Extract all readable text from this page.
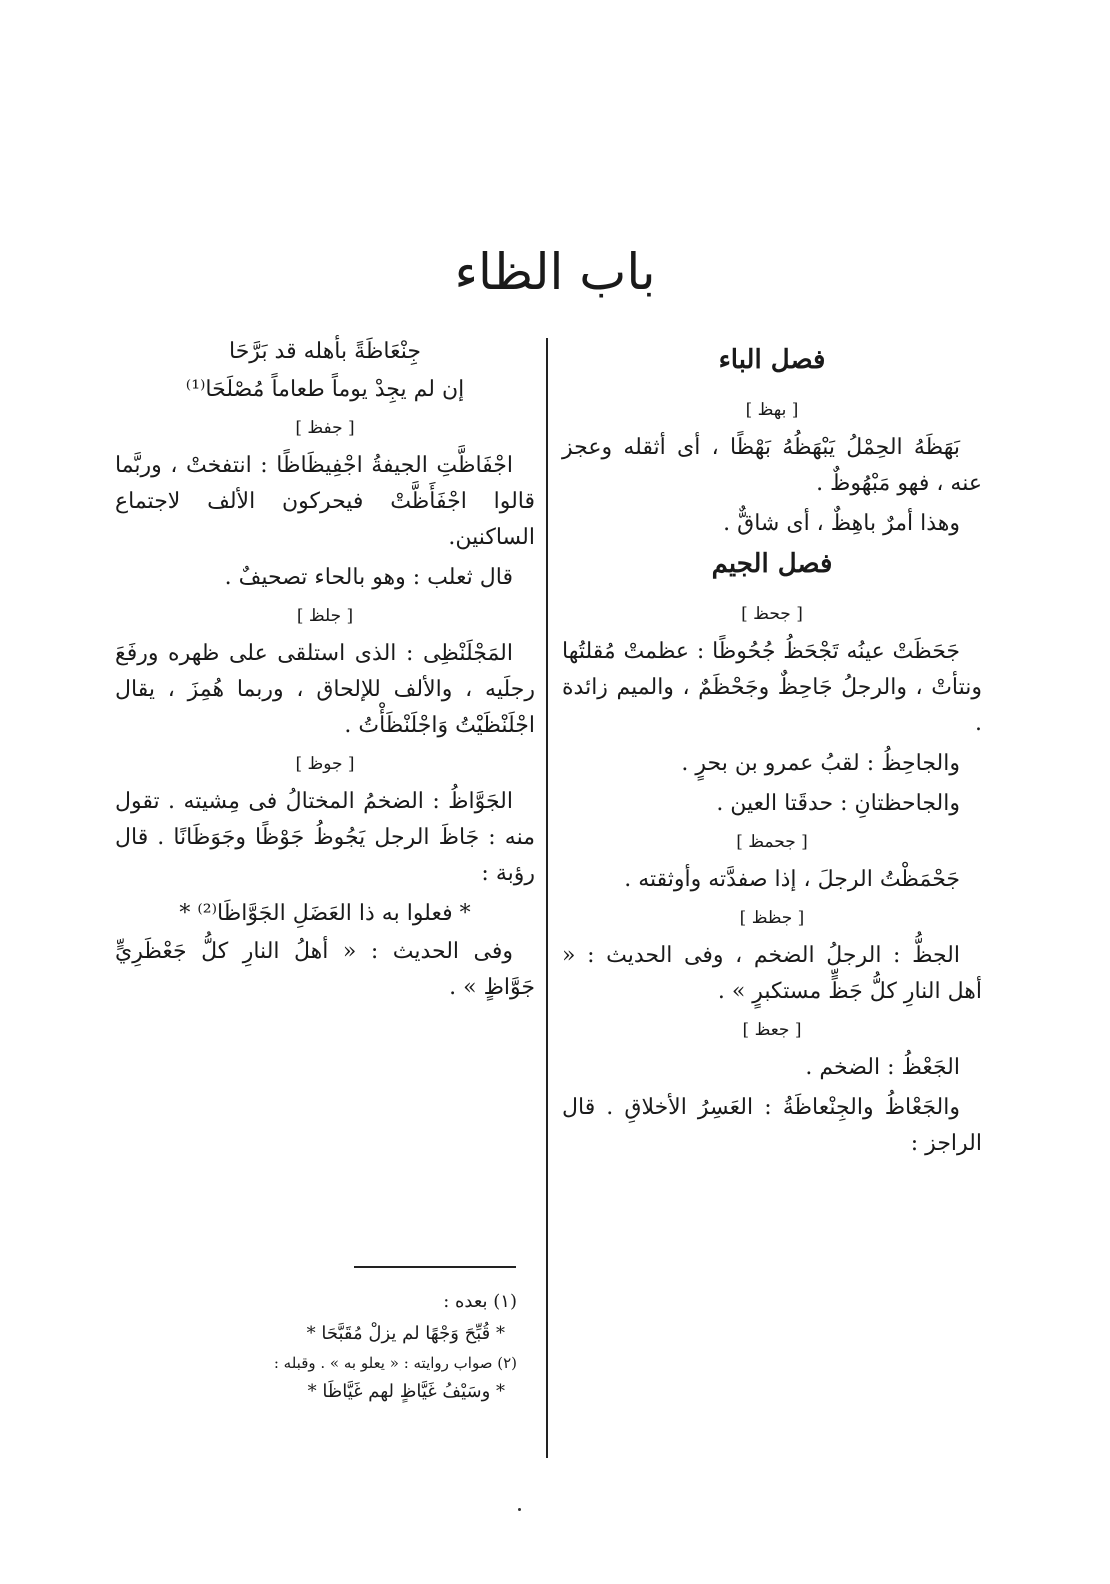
باب الظاء
فصل الباء
[ بهظ ]
بَهَظَهُ الحِمْلُ يَبْهَظُهُ بَهْظًا ، أى أثقله وعجز عنه ، فهو مَبْهُوظٌ .
وهذا أمرٌ باهِظٌ ، أى شاقٌّ .
فصل الجيم
[ جحظ ]
جَحَظَتْ عينُه تَجْحَظُ جُحُوظًا : عظمتْ مُقلتُها ونتأتْ ، والرجلُ جَاحِظٌ وجَحْظَمٌ ، والميم زائدة .
والجاحِظُ : لقبُ عمرو بن بحرٍ .
والجاحظتانِ : حدقَتا العين .
[ جحمظ ]
جَحْمَظْتُ الرجلَ ، إذا صفدَّته وأوثقته .
[ جظظ ]
الجظُّ : الرجلُ الضخم ، وفى الحديث : « أهل النارِ كلُّ جَظٍّ مستكبرٍ » .
[ جعظ ]
الجَعْظُ : الضخم .
والجَعْاظُ والجِنْعاظَةُ : العَسِرُ الأخلاقِ . قال الراجز :
جِنْعَاظَةً بأهله قد بَرَّحَا
إن لم يجِدْ يوماً طعاماً مُصْلَحَا⁽¹⁾
[ جفظ ]
اجْفَاظَّتِ الجيفةُ اجْفِيظَاظًا : انتفختْ ، وربَّما قالوا اجْفَأَظَّتْ فيحركون الألف لاجتماع الساكنين.
قال ثعلب : وهو بالحاء تصحيفٌ .
[ جلظ ]
المَجْلَنْظِى : الذى استلقى على ظهره ورفَعَ رجلَيه ، والألف للإلحاق ، وربما هُمِزَ ، يقال اجْلَنْظَيْتُ وَاجْلَنْظَأْتُ .
[ جوظ ]
الجَوَّاظُ : الضخمُ المختالُ فى مِشيته . تقول منه : جَاظَ الرجل يَجُوظُ جَوْظًا وجَوَظَانًا . قال رؤبة :
* فعلوا به ذا العَضَلِ الجَوَّاظَا⁽²⁾ *
وفى الحديث : « أهلُ النارِ كلُّ جَعْظَرِيٍّ جَوَّاظٍ » .
(١) بعده :
* قُبِّحَ وَجْهًا لم يزلْ مُقَبَّحَا *
(٢) صواب روايته : « يعلو به » . وقبله :
* وسَيْفُ غَيَّاظٍ لهم غَيَّاظَا *
